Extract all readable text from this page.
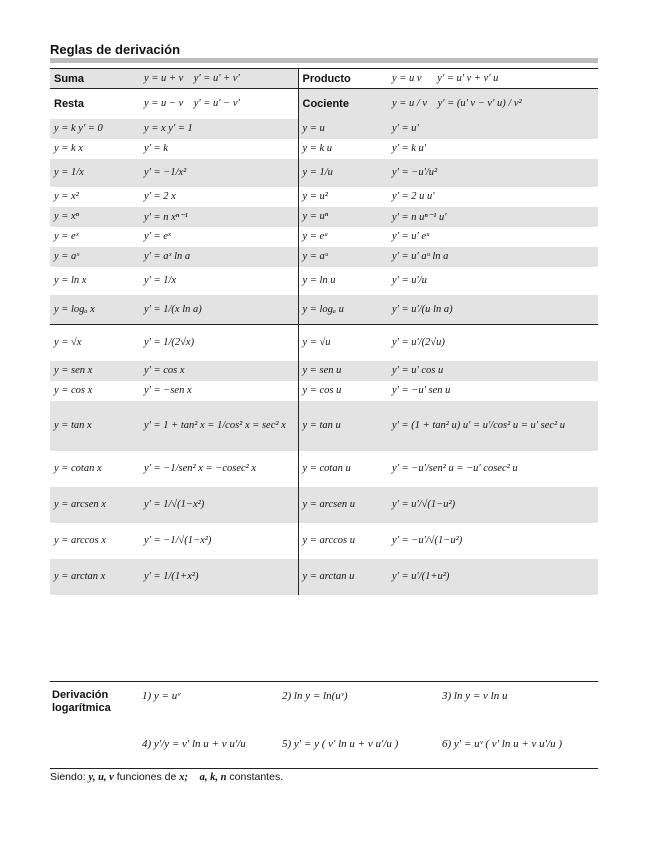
Reglas de derivación
Suma	y = u + v y' = u' + v'	Producto	y = u v y' = u' v + v' u
Resta	y = u − v y' = u' − v'	Cociente	y = u / v y' = (u' v − v' u) / v²
y = k y' = 0	y = x y' = 1	y = u	y' = u'
y = k x	y' = k	y = k u	y' = k u'
y = 1/x	y' = −1/x²	y = 1/u	y' = −u'/u²
y = x²	y' = 2 x	y = u²	y' = 2 u u'
y = xⁿ	y' = n xⁿ⁻¹	y = uⁿ	y' = n uⁿ⁻¹ u'
y = eˣ	y' = eˣ	y = eᵘ	y' = u' eᵘ
y = aˣ	y' = aˣ ln a	y = aᵘ	y' = u' aᵘ ln a
y = ln x	y' = 1/x	y = ln u	y' = u'/u
y = logₐ x	y' = 1/(x ln a)	y = logₐ u	y' = u'/(u ln a)
y = √x	y' = 1/(2√x)	y = √u	y' = u'/(2√u)
y = sen x	y' = cos x	y = sen u	y' = u' cos u
y = cos x	y' = −sen x	y = cos u	y' = −u' sen u
y = tan x	y' = 1 + tan² x = 1/cos² x = sec² x	y = tan u	y' = (1 + tan² u) u' = u'/cos² u = u' sec² u
y = cotan x	y' = −1/sen² x = −cosec² x	y = cotan u	y' = −u'/sen² u = −u' cosec² u
y = arcsen x	y' = 1/√(1−x²)	y = arcsen u	y' = u'/√(1−u²)
y = arccos x	y' = −1/√(1−x²)	y = arccos u	y' = −u'/√(1−u²)
y = arctan x	y' = 1/(1+x²)	y = arctan u	y' = u'/(1+u²)
Derivación logarítmica
1) y = uᵛ	2) ln y = ln(uᵛ)	3) ln y = v ln u
4) y'/y = v' ln u + v u'/u	5) y' = y ( v' ln u + v u'/u )	6) y' = uᵛ ( v' ln u + v u'/u )
Siendo: y, u, v funciones de x; a, k, n constantes.
